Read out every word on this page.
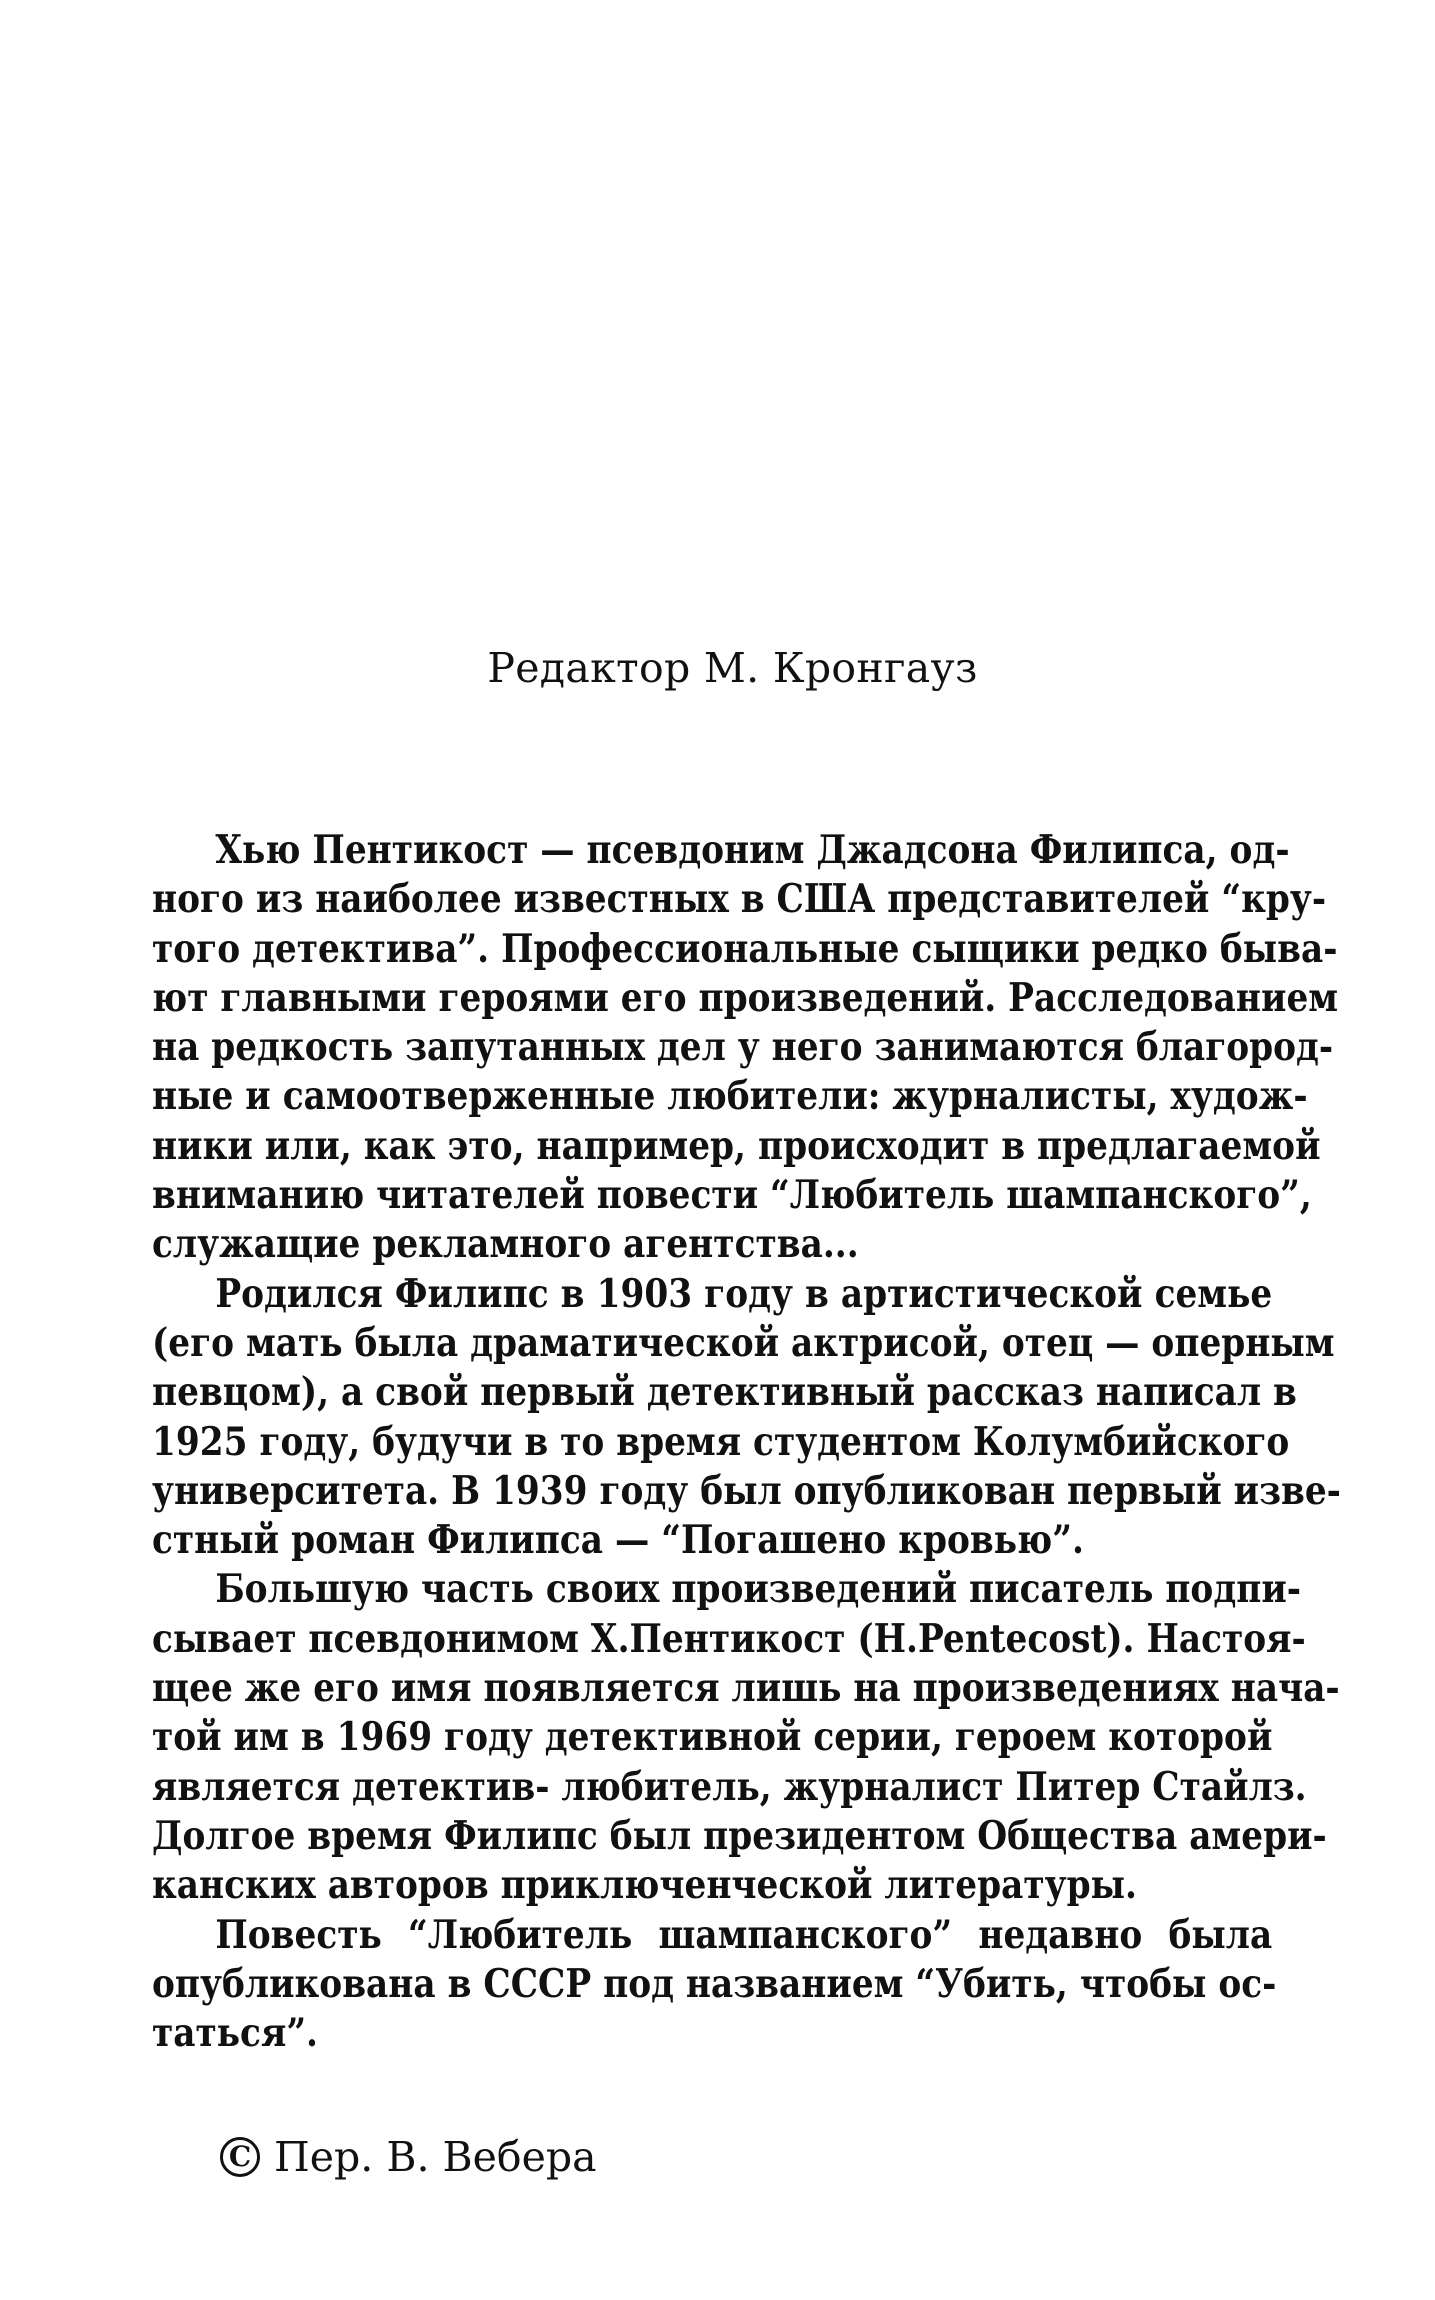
Редактор М. Кронгауз
Хью Пентикост — псевдоним Джадсона Филипса, од-
ного из наиболее известных в США представителей “кру-
того детектива”. Профессиональные сыщики редко быва-
ют главными героями его произведений. Расследованием
на редкость запутанных дел у него занимаются благород-
ные и самоотверженные любители: журналисты, худож-
ники или, как это, например, происходит в предлагаемой
вниманию читателей повести “Любитель шампанского”,
служащие рекламного агентства...
Родился Филипс в 1903 году в артистической семье
(его мать была драматической актрисой, отец — оперным
певцом), а свой первый детективный рассказ написал в
1925 году, будучи в то время студентом Колумбийского
университета. В 1939 году был опубликован первый изве-
стный роман Филипса — “Погашено кровью”.
Большую часть своих произведений писатель подпи-
сывает псевдонимом Х.Пентикост (H.Pentecost). Настоя-
щее же его имя появляется лишь на произведениях нача-
той им в 1969 году детективной серии, героем которой
является детектив- любитель, журналист Питер Стайлз.
Долгое время Филипс был президентом Общества амери-
канских авторов приключенческой литературы.
Повесть “Любитель шампанского” недавно была
опубликована в СССР под названием “Убить, чтобы ос-
таться”.
C Пер. В. Вебера
